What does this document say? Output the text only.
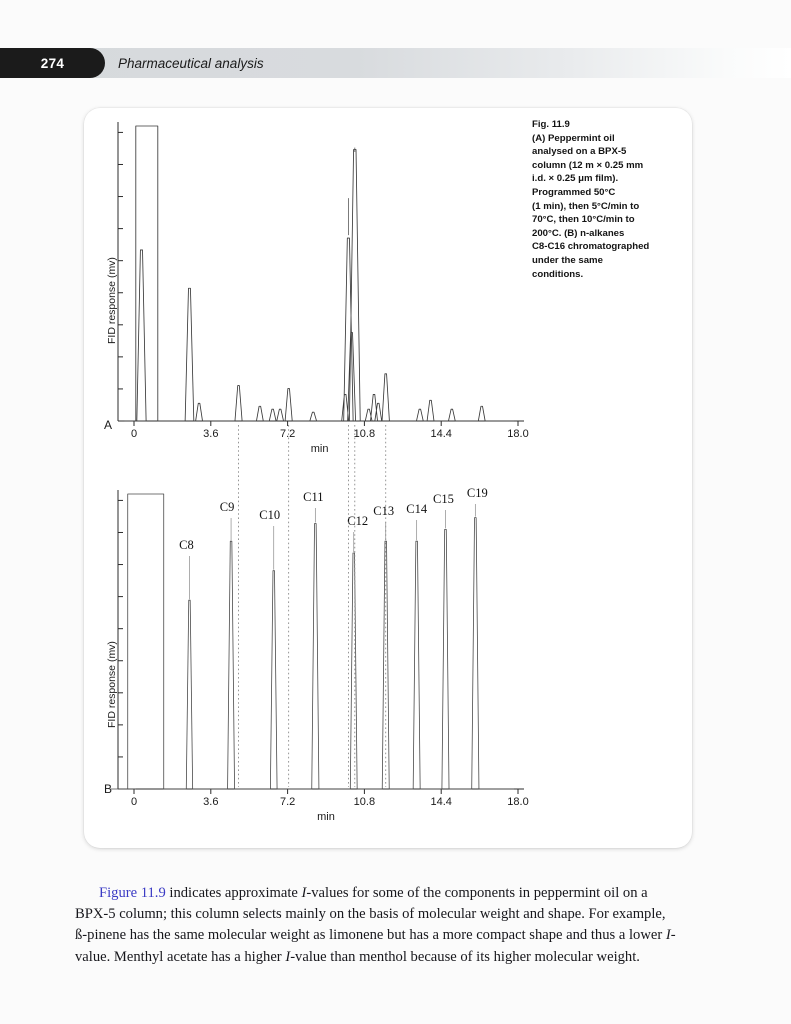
274	Pharmaceutical analysis
Fig. 11.9
(A) Peppermint oil
analysed on a BPX-5
column (12 m × 0.25 mm
i.d. × 0.25 μm film).
Programmed 50°C
(1 min), then 5°C/min to
70°C, then 10°C/min to
200°C. (B) n-alkanes
C8-C16 chromatographed
under the same
conditions.
FID response (mv)
A
0	3.6	7.2	10.8	14.4	18.0
min
FID response (mv)
B
C8
C9
C10
C11
C12
C13 C14
C15 C19
0	3.6	7.2	10.8	14.4	18.0
min

Figure 11.9 indicates approximate I-values for some of the components in peppermint oil on a BPX-5 column; this column selects mainly on the basis of molecular weight and shape. For example, ß-pinene has the same molecular weight as limonene but has a more compact shape and thus a lower I-value. Menthyl acetate has a higher I-value than menthol because of its higher molecular weight.
